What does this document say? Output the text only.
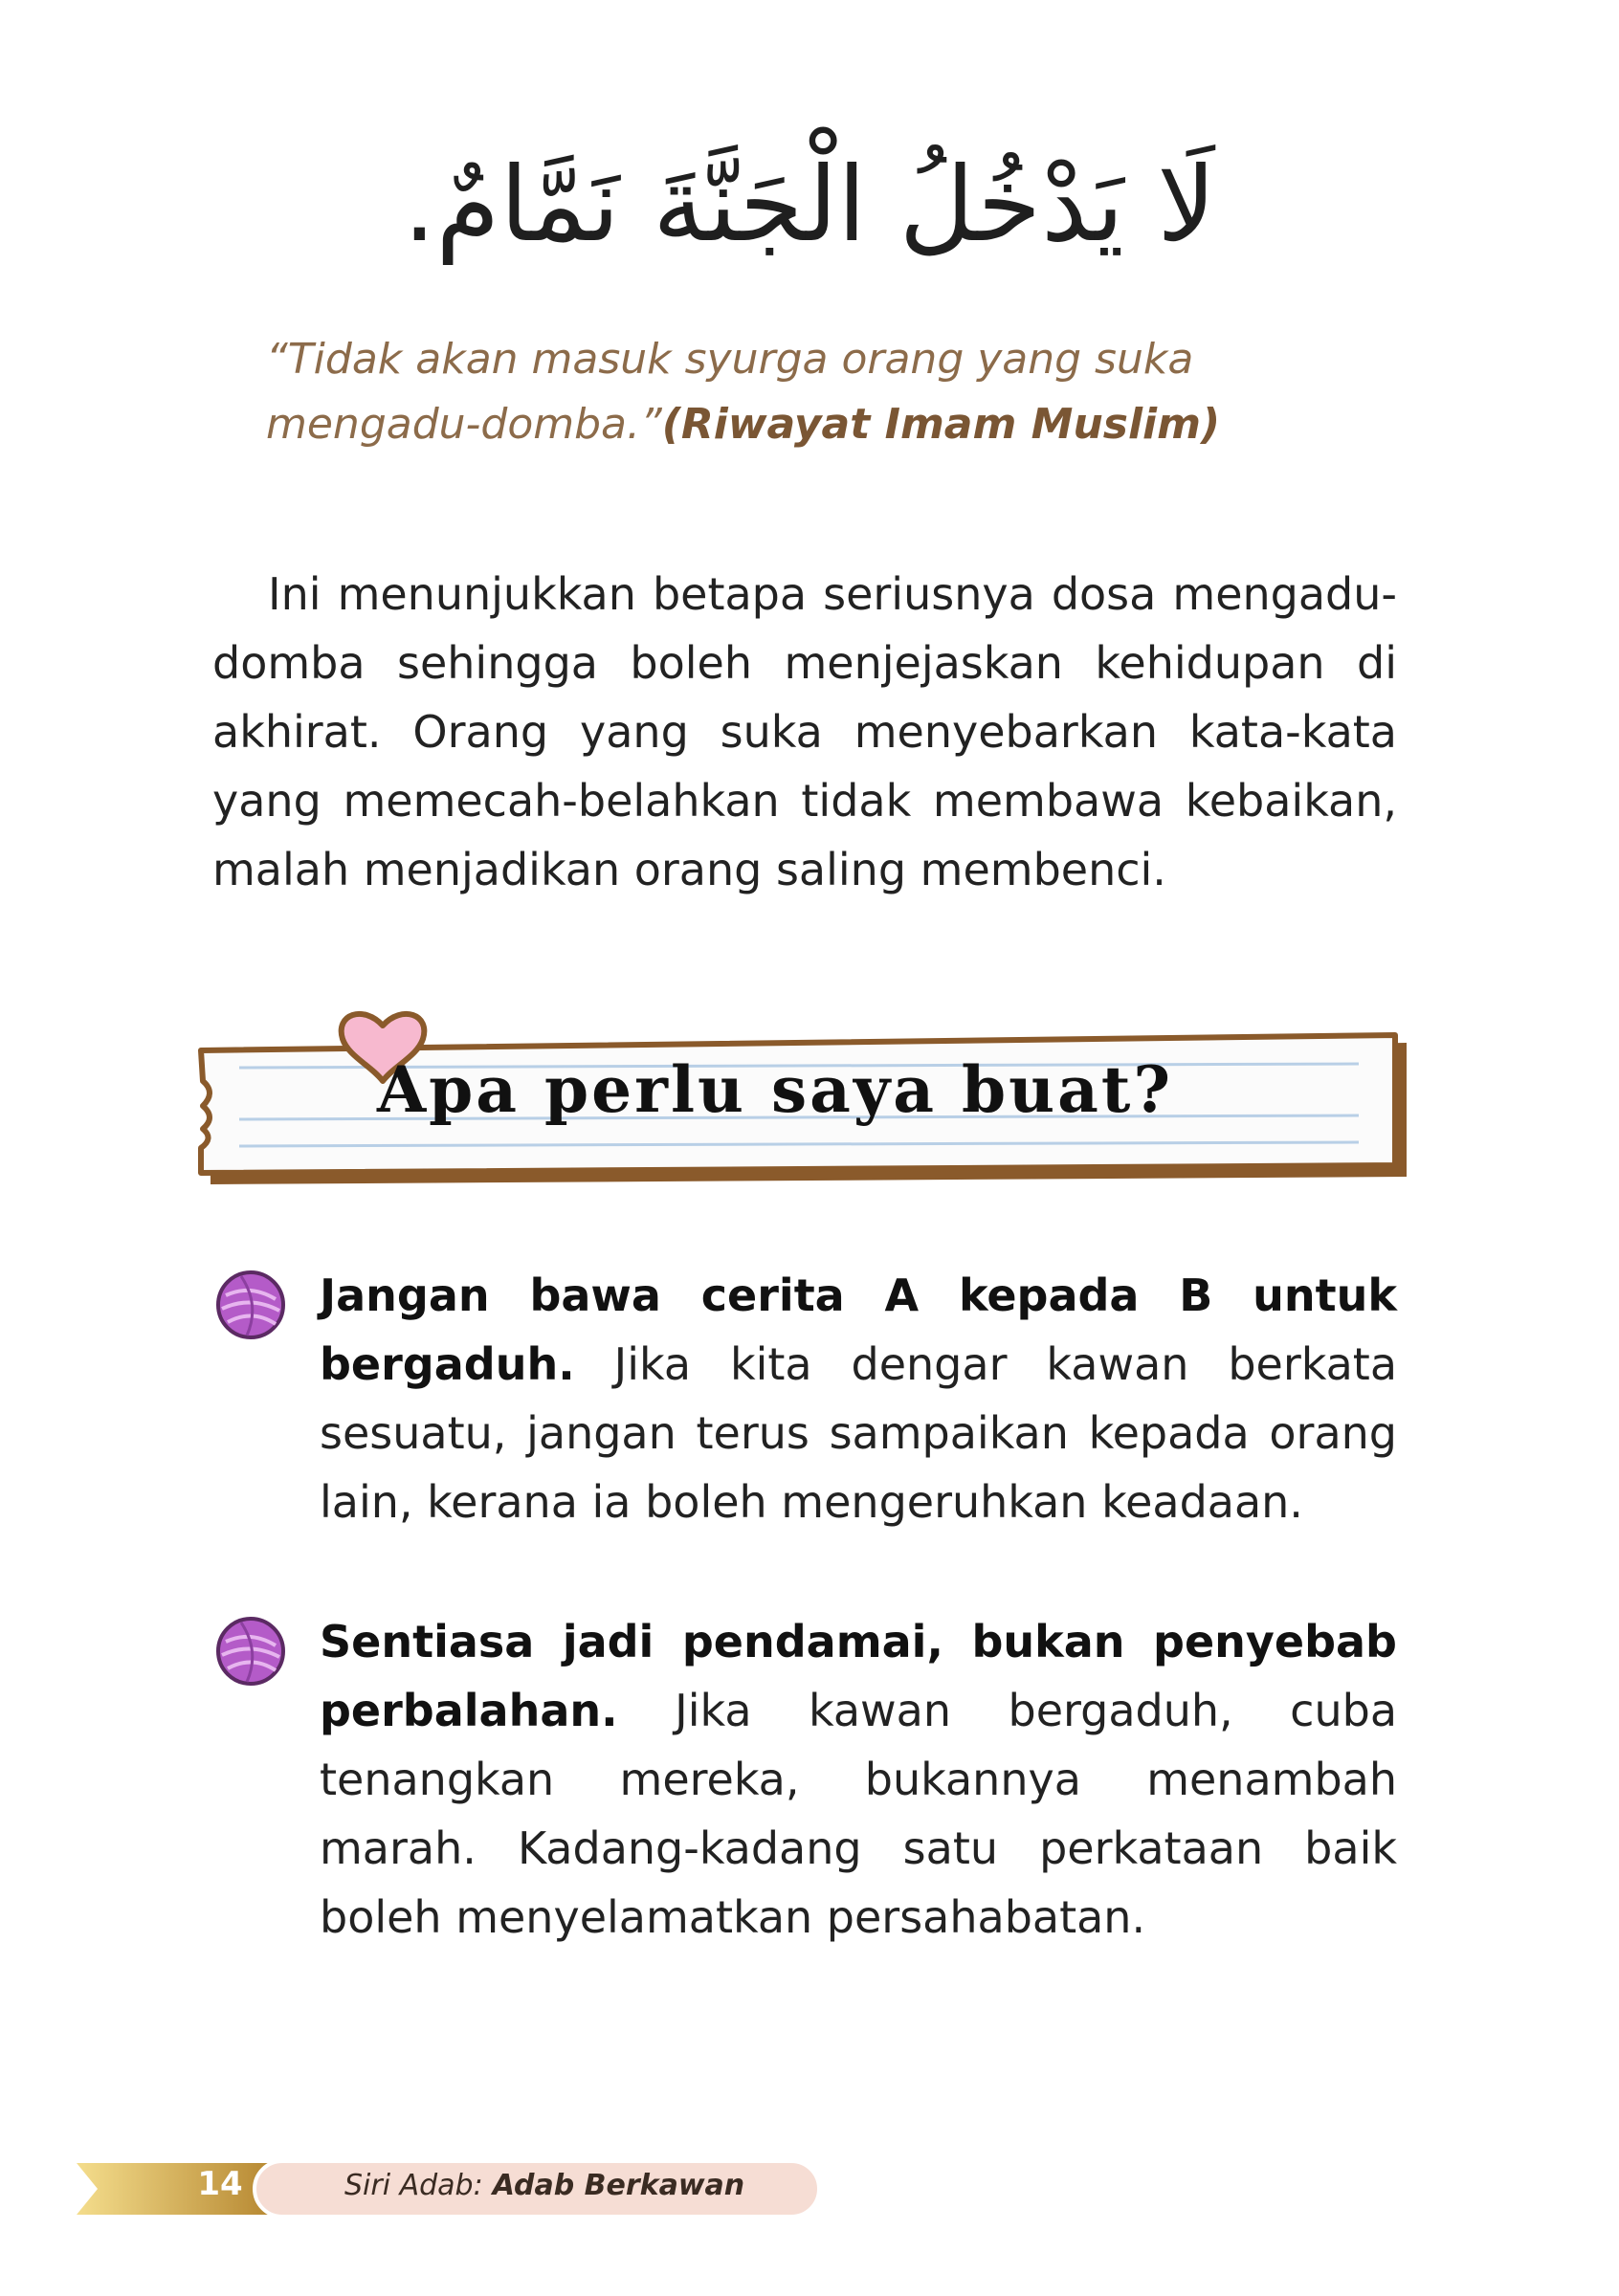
لَا يَدْخُلُ الْجَنَّةَ نَمَّامٌ.
“Tidak akan masuk syurga orang yang suka mengadu-domba.”(Riwayat Imam Muslim)
Ini menunjukkan betapa seriusnya dosa mengadu-domba sehingga boleh menjejaskan kehidupan di akhirat. Orang yang suka menyebarkan kata-kata yang memecah-belahkan tidak membawa kebaikan, malah menjadikan orang saling membenci.
Apa perlu saya buat?
Jangan bawa cerita A kepada B untuk bergaduh. Jika kita dengar kawan berkata sesuatu, jangan terus sampaikan kepada orang lain, kerana ia boleh mengeruhkan keadaan.
Sentiasa jadi pendamai, bukan penyebab perbalahan. Jika kawan bergaduh, cuba tenangkan mereka, bukannya menambah marah. Kadang-kadang satu perkataan baik boleh menyelamatkan persahabatan.
14	Siri Adab: Adab Berkawan
